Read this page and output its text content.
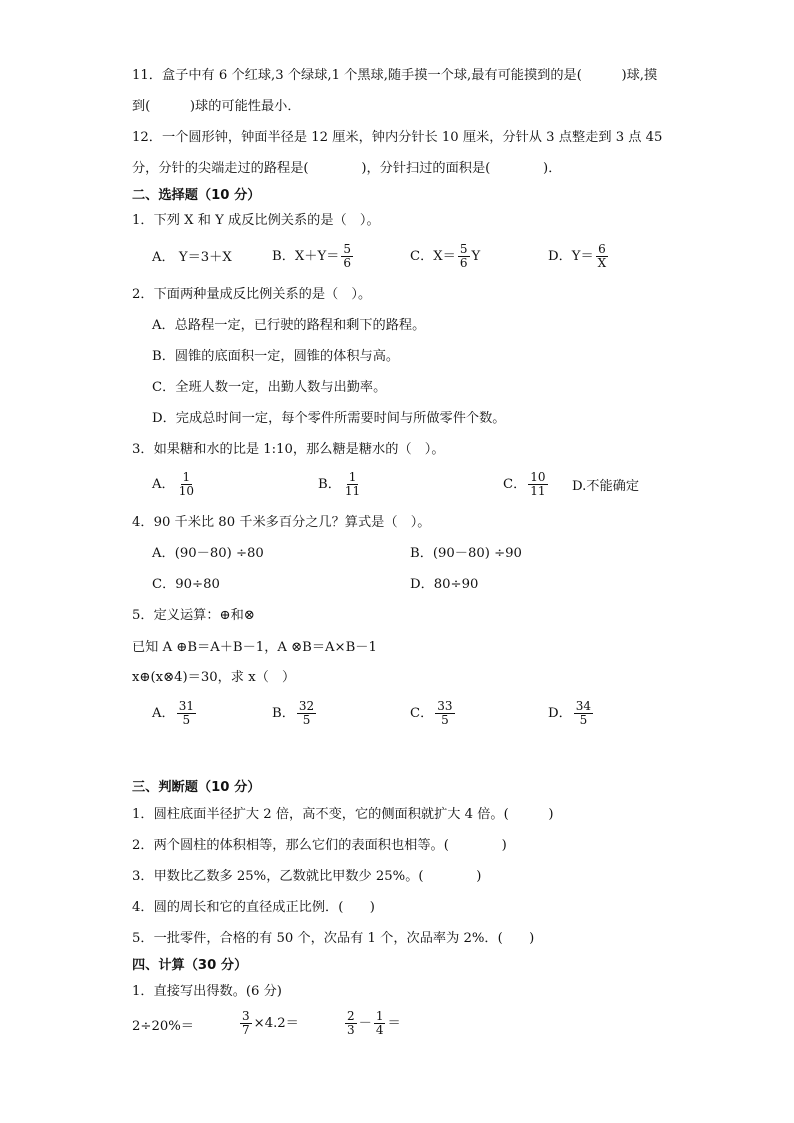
11．盒子中有 6 个红球,3 个绿球,1 个黑球,随手摸一个球,最有可能摸到的是(　　　)球,摸
到(　　　)球的可能性最小．
12．一个圆形钟，钟面半径是 12 厘米，钟内分针长 10 厘米，分针从 3 点整走到 3 点 45
分，分针的尖端走过的路程是(　　　　)，分针扫过的面积是(　　　　)．
二、选择题（10 分）
1．下列 X 和 Y 成反比例关系的是（　）。
A． Y＝3＋X	B．$X+Y= \frac{5}{6}$	C．$X= \frac{5}{6}$ Y	D．$Y= \frac{6}{X}$
2．下面两种量成反比例关系的是（　）。
A．总路程一定，已行驶的路程和剩下的路程。
B．圆锥的底面积一定，圆锥的体积与高。
C．全班人数一定，出勤人数与出勤率。
D．完成总时间一定，每个零件所需要时间与所做零件个数。
3．如果糖和水的比是 1:10，那么糖是糖水的（　）。
A． $\frac{1}{10}$	B． $\frac{1}{11}$	C． $\frac{10}{11} D$.不能确定
4．90 千米比 80 千米多百分之几？算式是（　）。
A．(90－80) ÷80	B．(90－80) ÷90
C．90÷80	D．80÷90
5．定义运算：⊕和⊗
已知 A ⊕B＝A＋B－1，A ⊗B＝A×B－1
x⊕(x⊗4)＝30，求 x（　）
A． $\frac{31}{5}$	B． $\frac{32}{5}$	C． $\frac{33}{5}$	D． $\frac{34}{5}$
三、判断题（10 分）
1．圆柱底面半径扩大 2 倍，高不变，它的侧面积就扩大 4 倍。(　　　)
2．两个圆柱的体积相等，那么它们的表面积也相等。(　　　　)
3．甲数比乙数多 25%，乙数就比甲数少 25%。(　　　　)
4．圆的周长和它的直径成正比例．(　　)
5．一批零件，合格的有 50 个，次品有 1 个，次品率为 2%．(　　)
四、计算（30 分）
1．直接写出得数。(6 分)
2÷20%＝	$\frac{3}{7} \times 4.2=$	$\frac{2}{3} - \frac{1}{4}$ ＝
